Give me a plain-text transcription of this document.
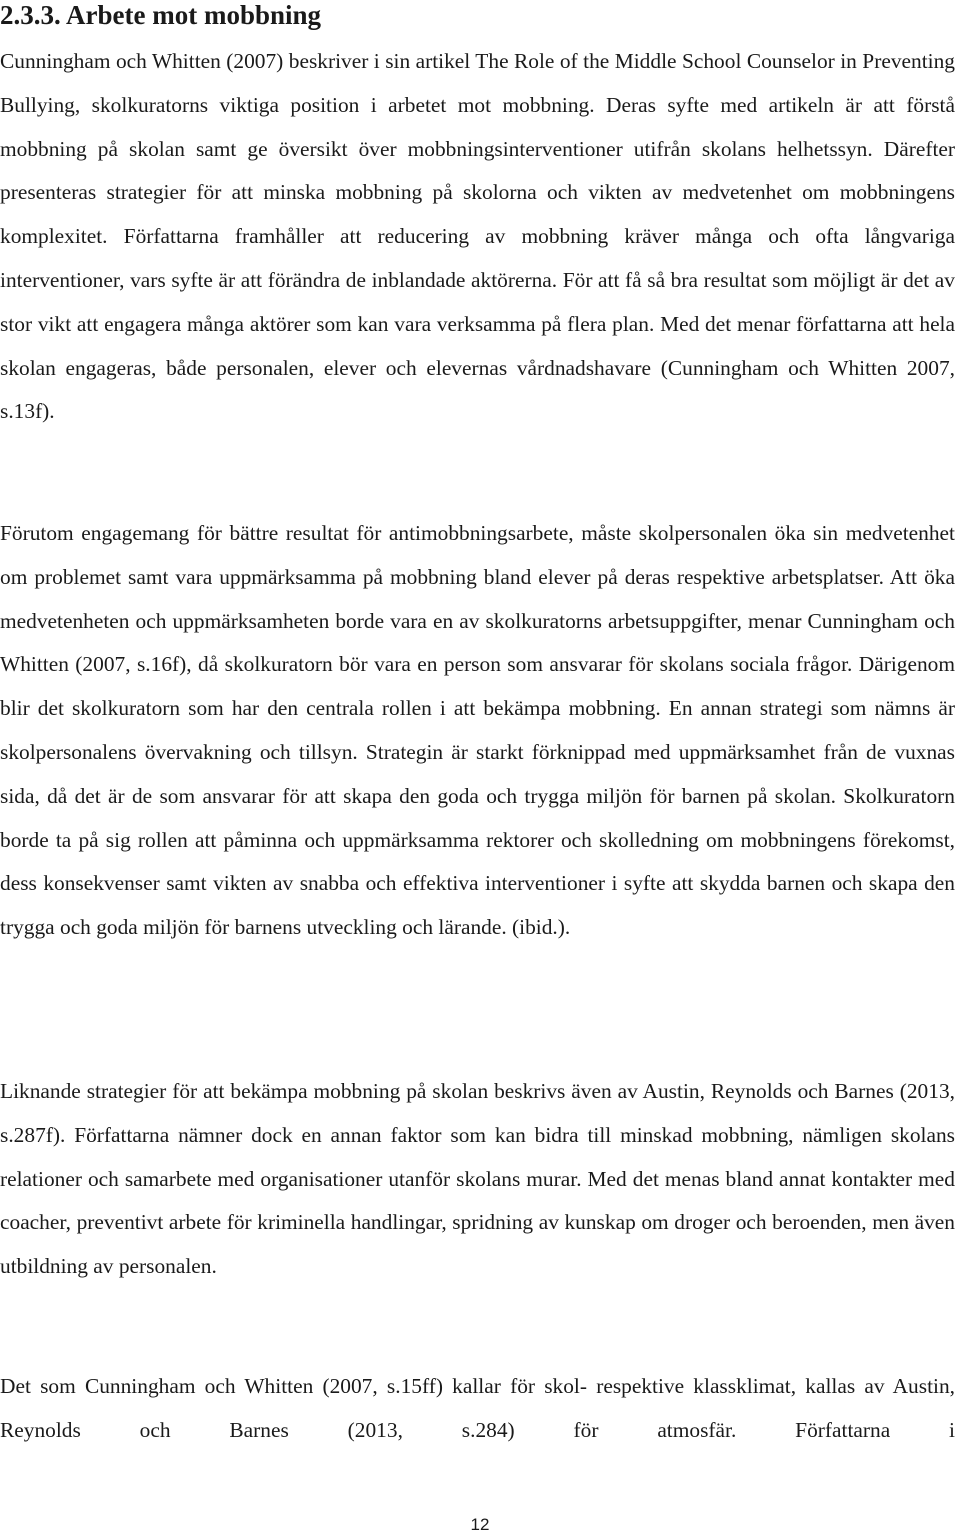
2.3.3. Arbete mot mobbning

Cunningham och Whitten (2007) beskriver i sin artikel The Role of the Middle School Counselor in Preventing Bullying, skolkuratorns viktiga position i arbetet mot mobbning. Deras syfte med artikeln är att förstå mobbning på skolan samt ge översikt över mobbningsinterventioner utifrån skolans helhetssyn. Därefter presenteras strategier för att minska mobbning på skolorna och vikten av medvetenhet om mobbningens komplexitet. Författarna framhåller att reducering av mobbning kräver många och ofta långvariga interventioner, vars syfte är att förändra de inblandade aktörerna. För att få så bra resultat som möjligt är det av stor vikt att engagera många aktörer som kan vara verksamma på flera plan. Med det menar författarna att hela skolan engageras, både personalen, elever och elevernas vårdnadshavare (Cunningham och Whitten 2007, s.13f).

Förutom engagemang för bättre resultat för antimobbningsarbete, måste skolpersonalen öka sin medvetenhet om problemet samt vara uppmärksamma på mobbning bland elever på deras respektive arbetsplatser. Att öka medvetenheten och uppmärksamheten borde vara en av skolkuratorns arbetsuppgifter, menar Cunningham och Whitten (2007, s.16f), då skolkuratorn bör vara en person som ansvarar för skolans sociala frågor. Därigenom blir det skolkuratorn som har den centrala rollen i att bekämpa mobbning. En annan strategi som nämns är skolpersonalens övervakning och tillsyn. Strategin är starkt förknippad med uppmärksamhet från de vuxnas sida, då det är de som ansvarar för att skapa den goda och trygga miljön för barnen på skolan. Skolkuratorn borde ta på sig rollen att påminna och uppmärksamma rektorer och skolledning om mobbningens förekomst, dess konsekvenser samt vikten av snabba och effektiva interventioner i syfte att skydda barnen och skapa den trygga och goda miljön för barnens utveckling och lärande. (ibid.).

Liknande strategier för att bekämpa mobbning på skolan beskrivs även av Austin, Reynolds och Barnes (2013, s.287f). Författarna nämner dock en annan faktor som kan bidra till minskad mobbning, nämligen skolans relationer och samarbete med organisationer utanför skolans murar. Med det menas bland annat kontakter med coacher, preventivt arbete för kriminella handlingar, spridning av kunskap om droger och beroenden, men även utbildning av personalen.

Det som Cunningham och Whitten (2007, s.15ff) kallar för skol- respektive klassklimat, kallas av Austin, Reynolds och Barnes (2013, s.284) för atmosfär. Författarna i

12
